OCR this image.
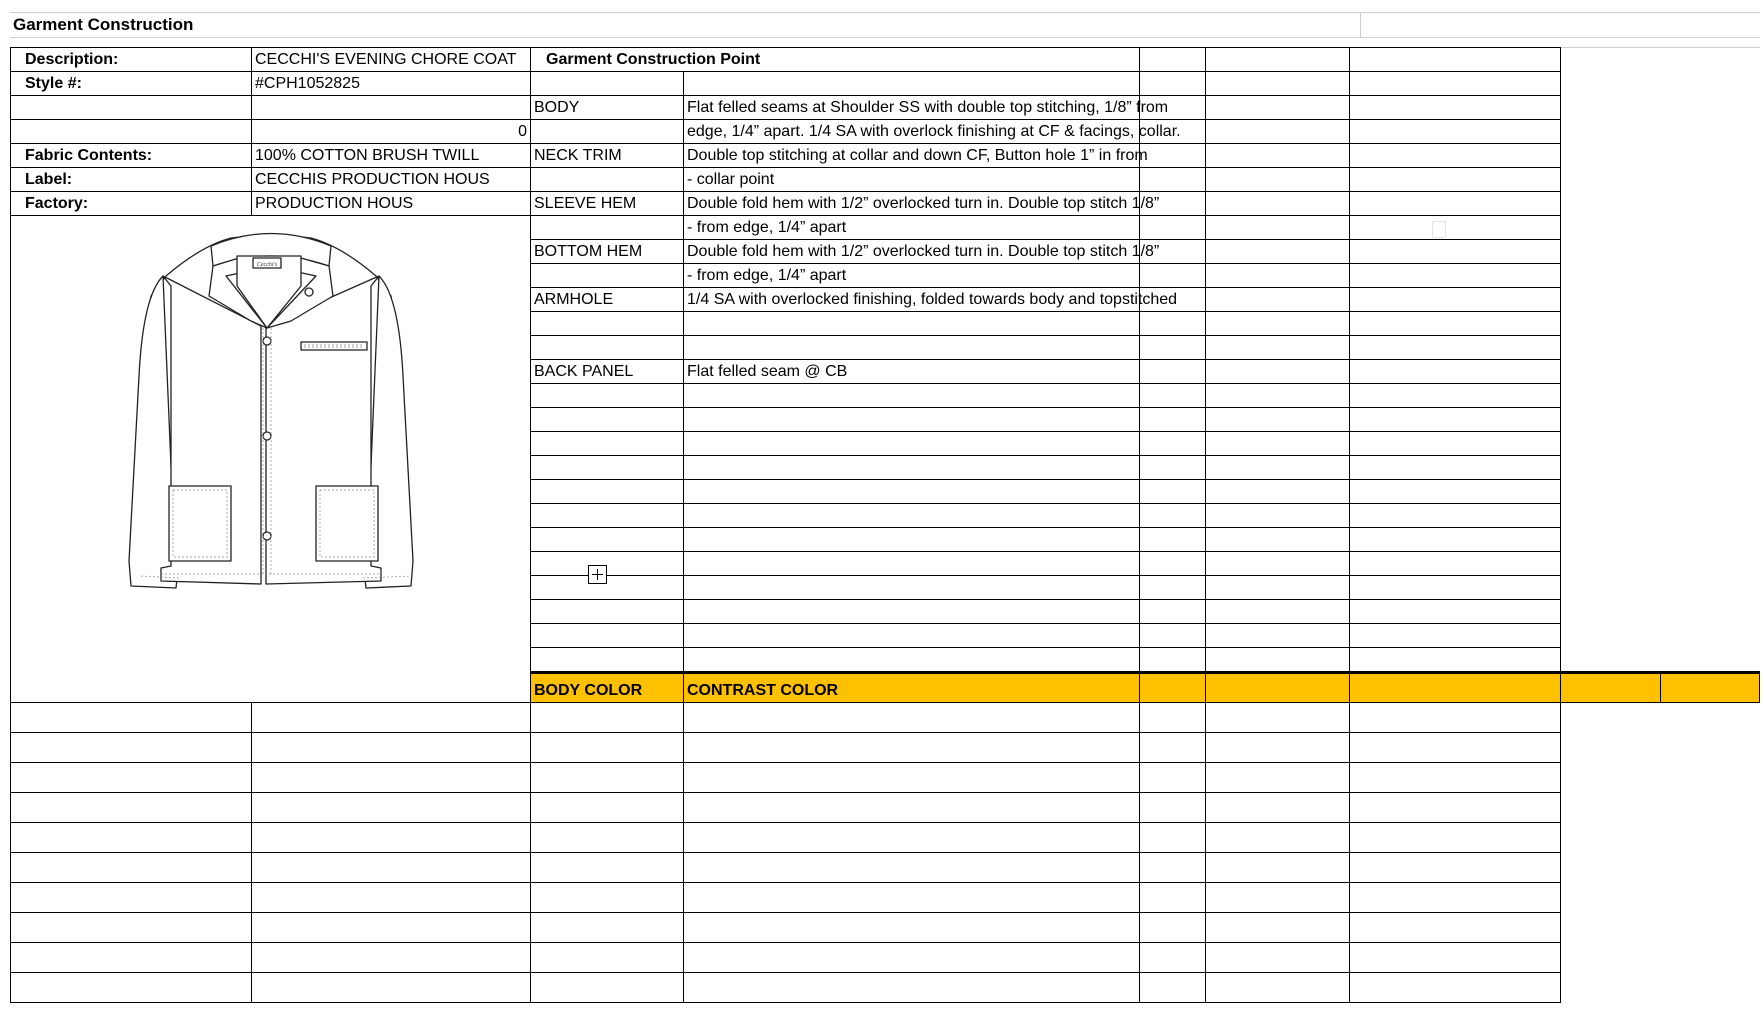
Garment Construction
Description:	CECCHI'S EVENING CHORE COAT	Garment Construction Point						
Style #:	#CPH1052825							
		BODY	Flat felled seams at Shoulder SS with double top stitching, 1/8” from					
	0		edge, 1/4” apart. 1/4 SA with overlock finishing at CF & facings, collar.					
Fabric Contents:	100% COTTON BRUSH TWILL	NECK TRIM	Double top stitching at collar and down CF, Button hole 1” in from					
Label:	CECCHIS PRODUCTION HOUS		- collar point					
Factory:	PRODUCTION HOUS	SLEEVE HEM	Double fold hem with 1/2” overlocked turn in. Double top stitch 1/8”					

Cecchi's			- from edge, 1/4” apart					
		BOTTOM HEM	Double fold hem with 1/2” overlocked turn in. Double top stitch 1/8”					
			- from edge, 1/4” apart					
		ARMHOLE	1/4 SA with overlocked finishing, folded towards body and topstitched					

		BACK PANEL	Flat felled seam @ CB					

		BODY COLOR	CONTRAST COLOR					
